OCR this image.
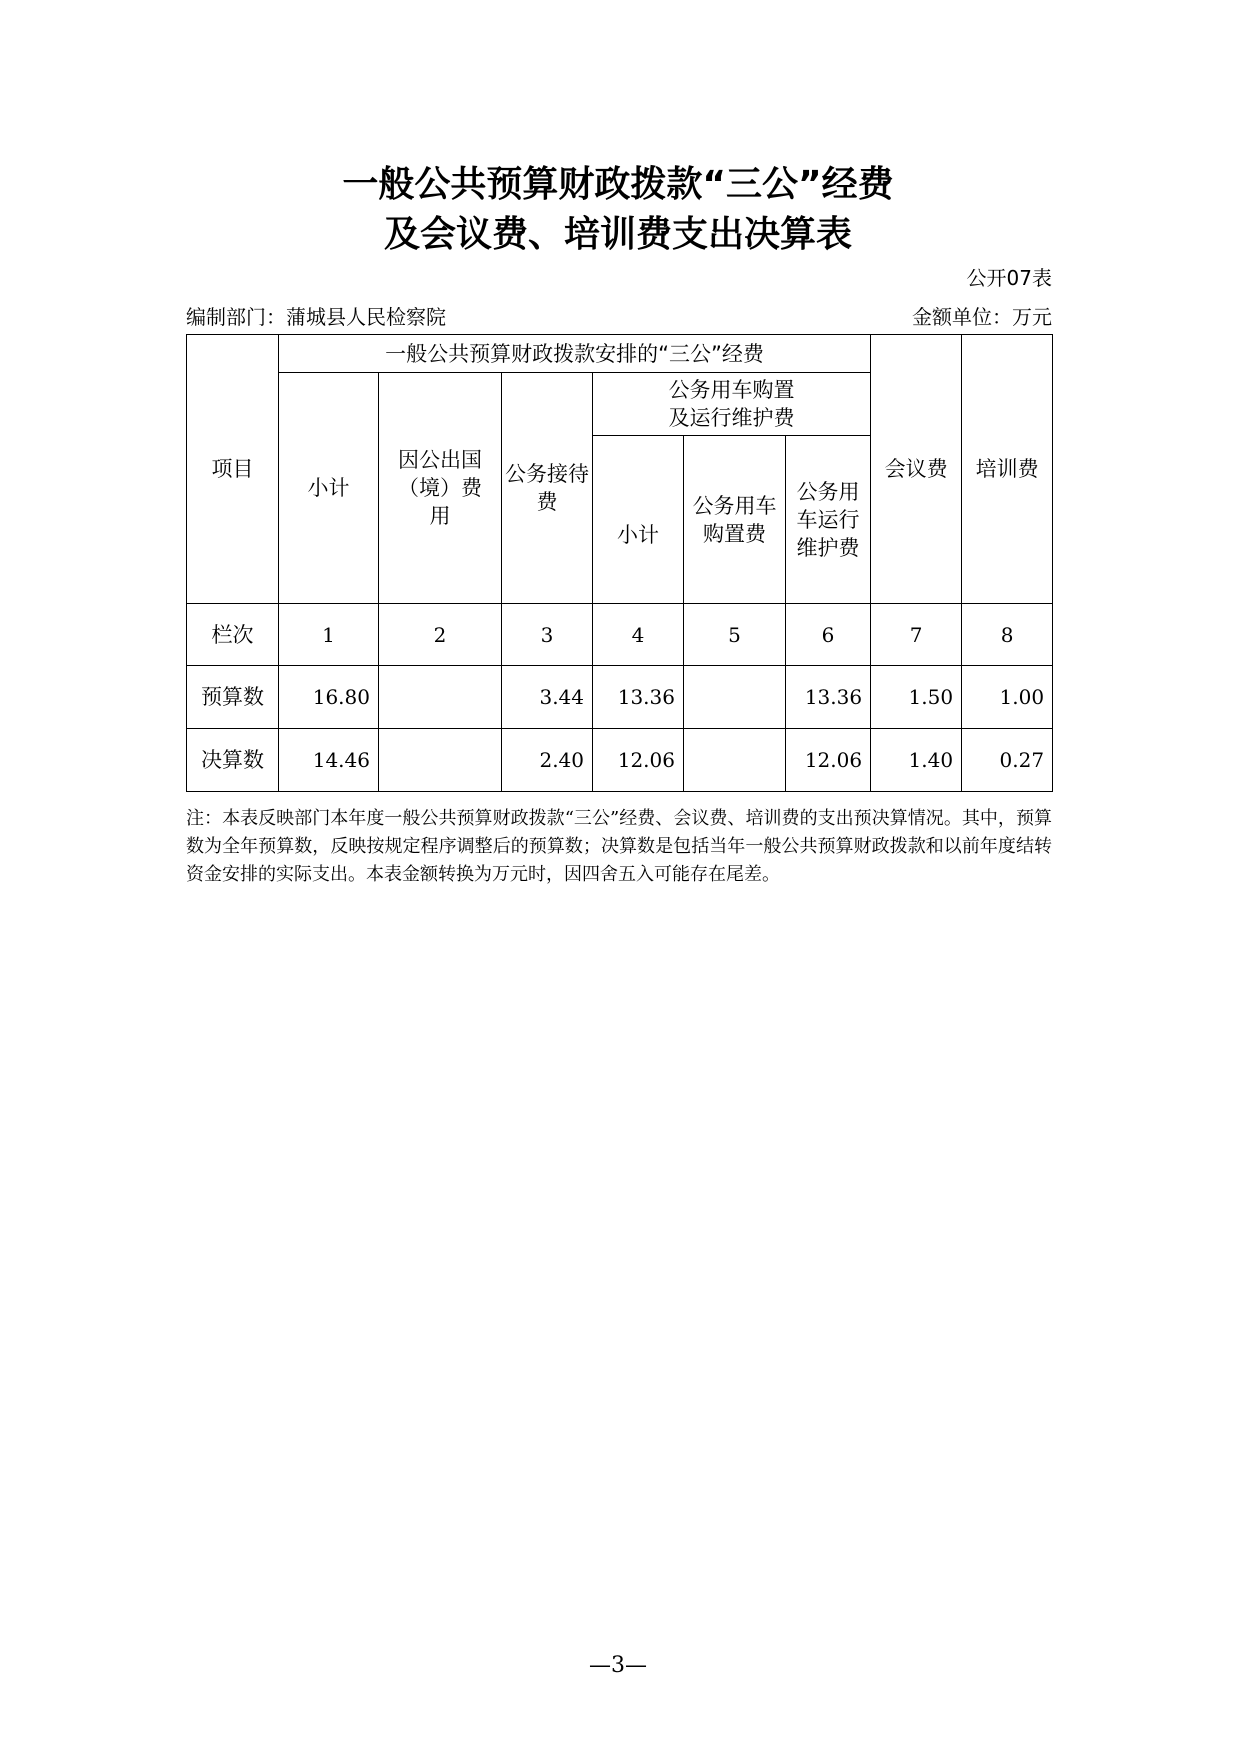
一般公共预算财政拨款“三公”经费
及会议费、培训费支出决算表
公开07表
编制部门：蒲城县人民检察院	金额单位：万元
项目	一般公共预算财政拨款安排的“三公”经费						会议费	培训费
	小计	因公出国（境）费用	公务接待费	公务用车购置及运行维护费				
				小计	公务用车购置费	公务用车运行维护费		

栏次	1	2	3	4	5	6	7	8
预算数	16.80		3.44	13.36		13.36	1.50	1.00
决算数	14.46		2.40	12.06		12.06	1.40	0.27
注：本表反映部门本年度一般公共预算财政拨款“三公”经费、会议费、培训费的支出预决算情况。其中，预算数为全年预算数，反映按规定程序调整后的预算数；决算数是包括当年一般公共预算财政拨款和以前年度结转资金安排的实际支出。本表金额转换为万元时，因四舍五入可能存在尾差。
—3—
